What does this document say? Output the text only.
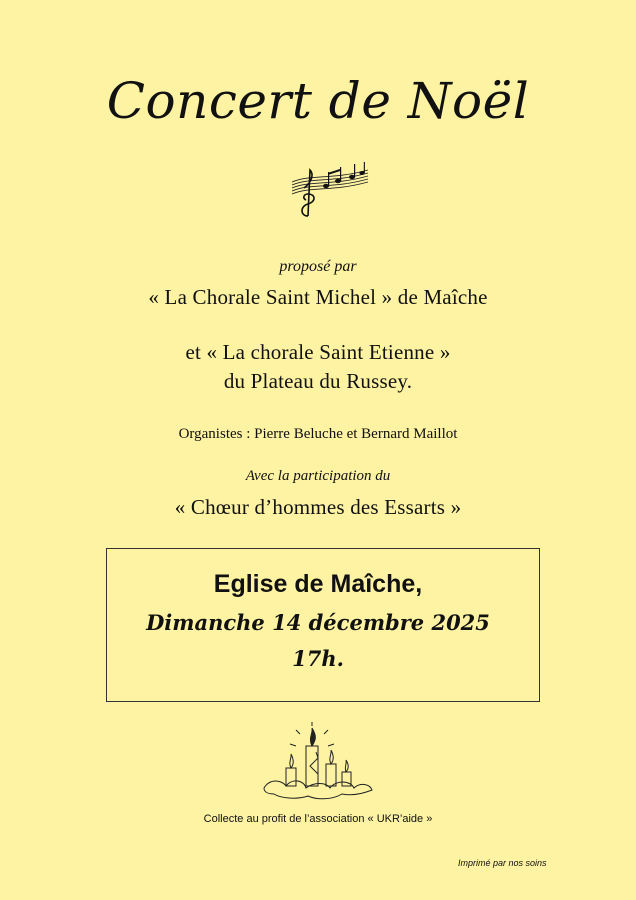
Concert de Noël
proposé par
« La Chorale Saint Michel » de Maîche
et « La chorale Saint Etienne »
du Plateau du Russey.
Organistes : Pierre Beluche et Bernard Maillot
Avec la participation du
« Chœur d’hommes des Essarts »
Eglise de Maîche,
Dimanche 14 décembre 2025
17h.
Collecte au profit de l’association « UKR’aide »
Imprimé par nos soins
